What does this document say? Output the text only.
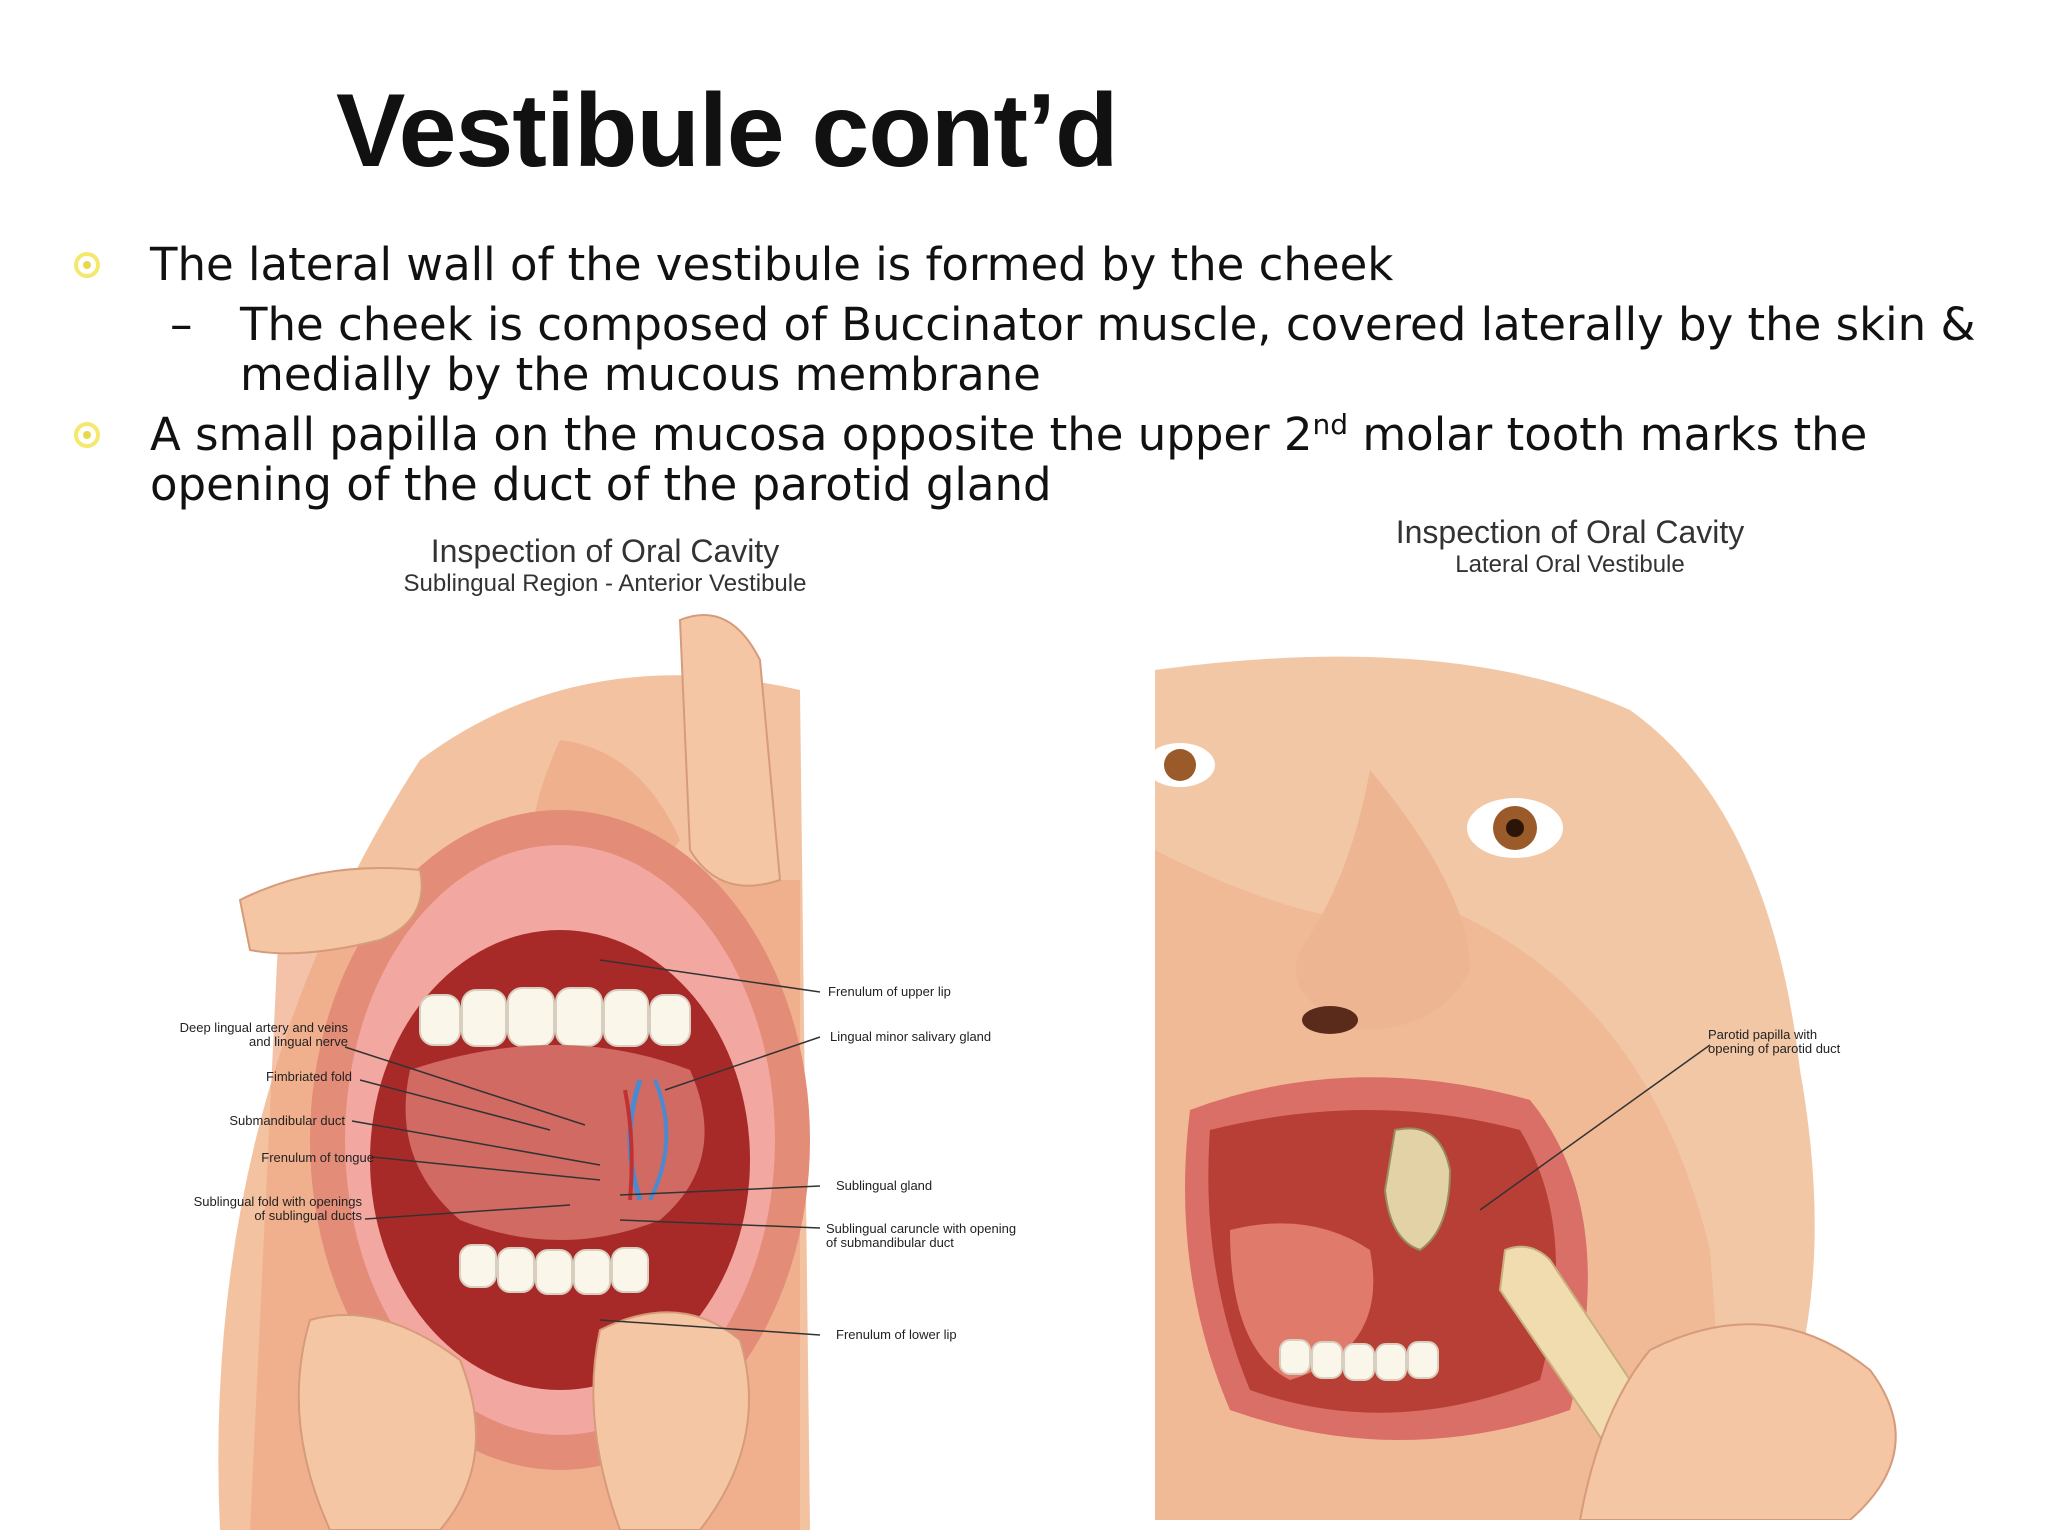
Vestibule cont’d
The lateral wall of the vestibule is formed by the cheek
– The cheek is composed of Buccinator muscle, covered laterally by the skin & medially by the mucous membrane
A small papilla on the mucosa opposite the upper 2nd molar tooth marks the opening of the duct of the parotid gland
Inspection of Oral Cavity
Sublingual Region - Anterior Vestibule
Deep lingual artery and veins
and lingual nerve
Fimbriated fold
Submandibular duct
Frenulum of tongue
Sublingual fold with openings
of sublingual ducts
Frenulum of upper lip
Lingual minor salivary gland
Sublingual gland
Sublingual caruncle with opening
of submandibular duct
Frenulum of lower lip
Inspection of Oral Cavity
Lateral Oral Vestibule
Parotid papilla with
opening of parotid duct
